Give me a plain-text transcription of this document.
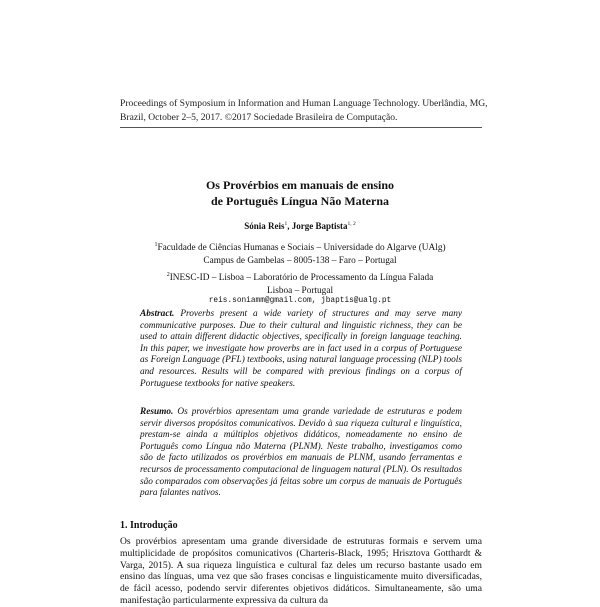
Proceedings of Symposium in Information and Human Language Technology. Uberlândia, MG,
Brazil, October 2–5, 2017. ©2017 Sociedade Brasileira de Computação.
Os Provérbios em manuais de ensino
de Português Língua Não Materna
Sónia Reis$^1$, Jorge Baptista$^{1, 2}$
$^1$Faculdade de Ciências Humanas e Sociais – Universidade do Algarve (UAlg)
Campus de Gambelas – 8005-138 – Faro – Portugal
$^2$INESC-ID – Lisboa – Laboratório de Processamento da Língua Falada
Lisboa – Portugal
reis.soniamm@gmail.com, jbaptis@ualg.pt
Abstract. Proverbs present a wide variety of structures and may serve many communicative purposes. Due to their cultural and linguistic richness, they can be used to attain different didactic objectives, specifically in foreign language teaching. In this paper, we investigate how proverbs are in fact used in a corpus of Portuguese as Foreign Language (PFL) textbooks, using natural language processing (NLP) tools and resources. Results will be compared with previous findings on a corpus of Portuguese textbooks for native speakers.
Resumo. Os provérbios apresentam uma grande variedade de estruturas e podem servir diversos propósitos comunicativos. Devido à sua riqueza cultural e linguística, prestam-se ainda a múltiplos objetivos didáticos, nomeadamente no ensino de Português como Língua não Materna (PLNM). Neste trabalho, investigamos como são de facto utilizados os provérbios em manuais de PLNM, usando ferramentas e recursos de processamento computacional de linguagem natural (PLN). Os resultados são comparados com observações já feitas sobre um corpus de manuais de Português para falantes nativos.
1. Introdução
Os provérbios apresentam uma grande diversidade de estruturas formais e servem uma multiplicidade de propósitos comunicativos (Charteris-Black, 1995; Hrisztova Gotthardt & Varga, 2015). A sua riqueza linguística e cultural faz deles um recurso bastante usado em ensino das línguas, uma vez que são frases concisas e linguisticamente muito diversificadas, de fácil acesso, podendo servir diferentes objetivos didáticos. Simultaneamente, são uma manifestação particularmente expressiva da cultura da
